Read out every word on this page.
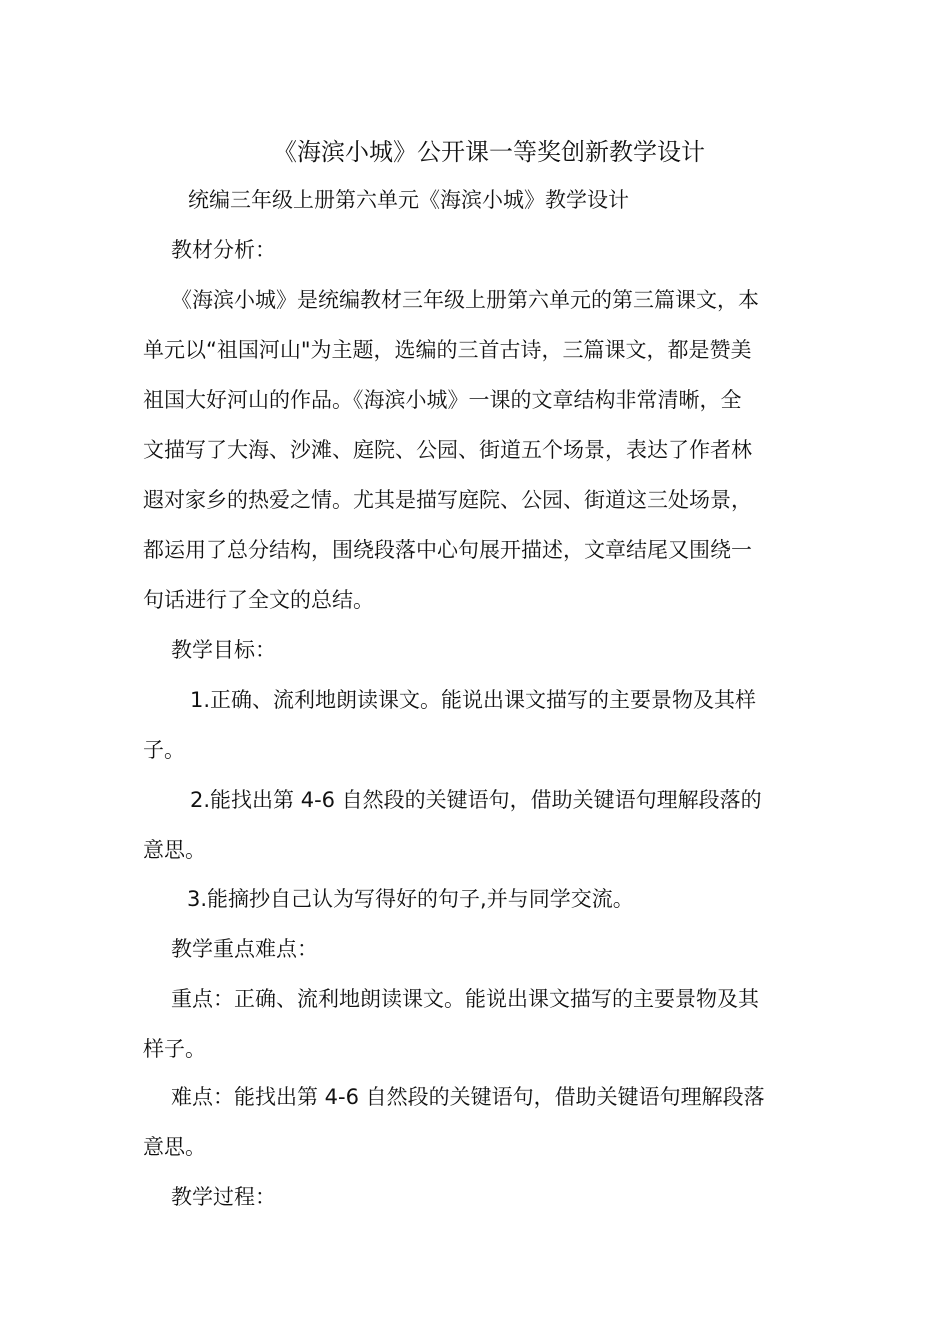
《海滨小城》公开课一等奖创新教学设计
统编三年级上册第六单元《海滨小城》教学设计
教材分析：
《海滨小城》是统编教材三年级上册第六单元的第三篇课文，本
单元以“祖国河山"为主题，选编的三首古诗，三篇课文，都是赞美
祖国大好河山的作品。《海滨小城》一课的文章结构非常清晰，全
文描写了大海、沙滩、庭院、公园、街道五个场景，表达了作者林
遐对家乡的热爱之情。尤其是描写庭院、公园、街道这三处场景，
都运用了总分结构，围绕段落中心句展开描述，文章结尾又围绕一
句话进行了全文的总结。
教学目标：
1.正确、流利地朗读课文。能说出课文描写的主要景物及其样
子。
2.能找出第 4-6 自然段的关键语句，借助关键语句理解段落的
意思。
3.能摘抄自己认为写得好的句子,并与同学交流。
教学重点难点：
重点：正确、流利地朗读课文。能说出课文描写的主要景物及其
样子。
难点：能找出第 4-6 自然段的关键语句，借助关键语句理解段落
意思。
教学过程：
